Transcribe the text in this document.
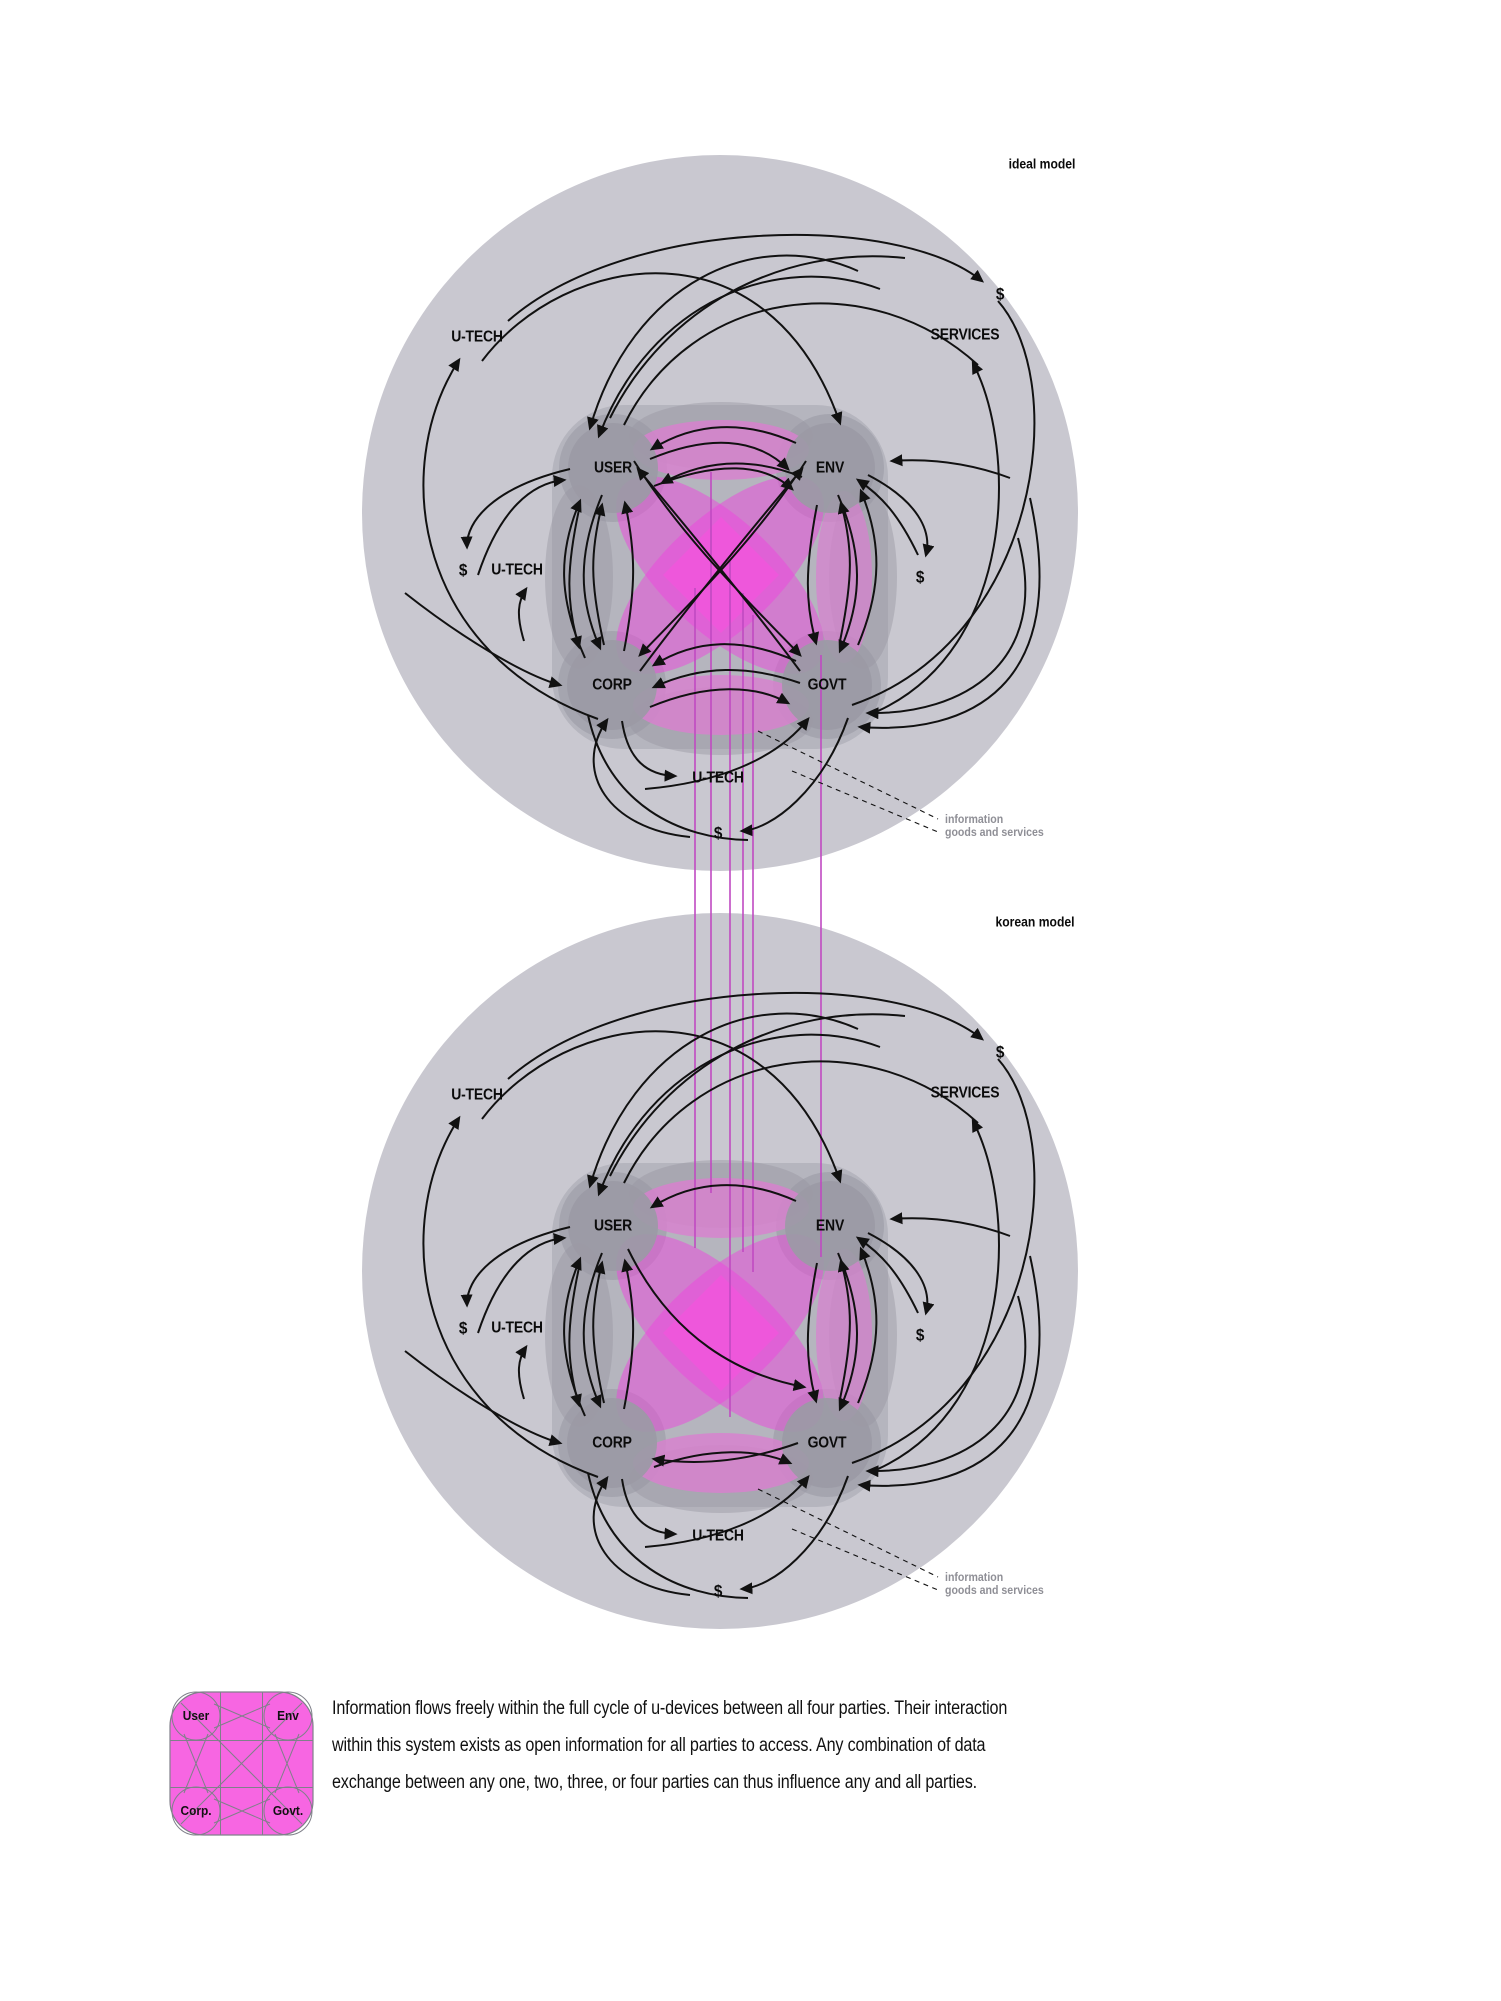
ideal model
U-TECH
$
SERVICES
$ U-TECH	$
USER	ENV
CORP	GOVT
U-TECH
$
information
goods and services
korean model
U-TECH
$
SERVICES
$ U-TECH	$
USER	ENV
CORP	GOVT
U-TECH
$
information
goods and services
User	Env
Corp.	Govt.
Information flows freely within the full cycle of u-devices between all four parties. Their interaction
within this system exists as open information for all parties to access. Any combination of data
exchange between any one, two, three, or four parties can thus influence any and all parties.
